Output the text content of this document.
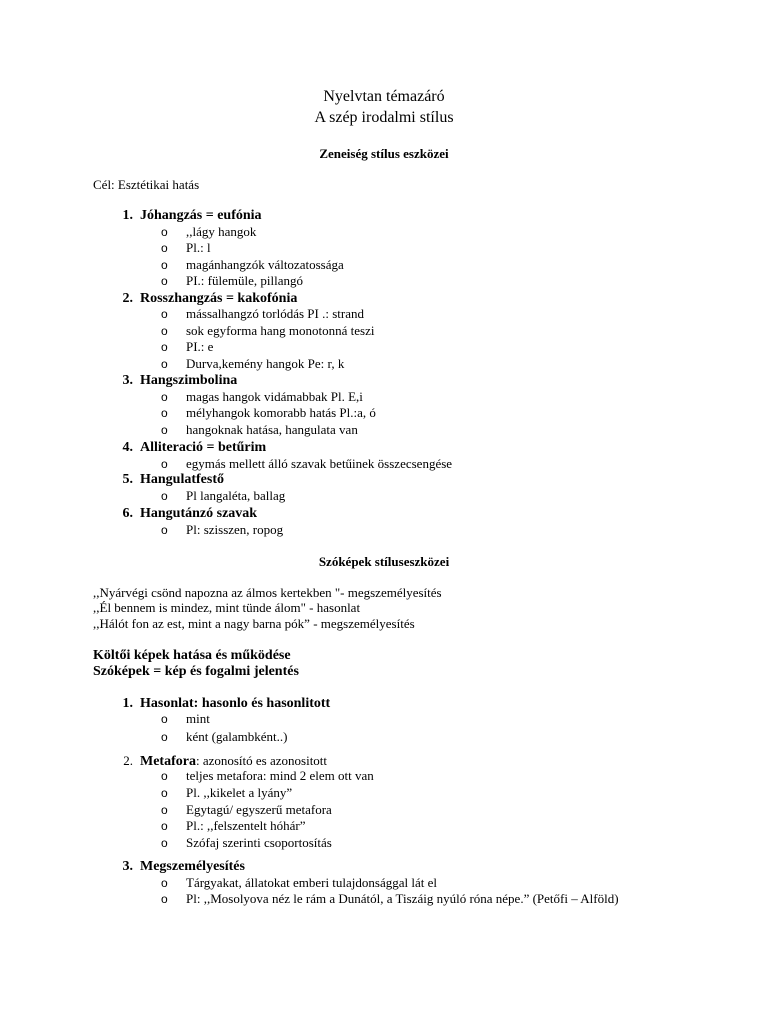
Nyelvtan témazáró
A szép irodalmi stílus
Zeneiség stílus eszközei
Cél: Esztétikai hatás
1. Jóhangzás = eufónia
o ,,lágy hangok
o Pl.: l
o magánhangzók változatossága
o PI.: fülemüle, pillangó
2. Rosszhangzás = kakofónia
o mássalhangzó torlódás PI .: strand
o sok egyforma hang monotonná teszi
o PI.: e
o Durva,kemény hangok Pe: r, k
3. Hangszimbolina
o magas hangok vidámabbak Pl. E,i
o mélyhangok komorabb hatás Pl.:a, ó
o hangoknak hatása, hangulata van
4. Alliteració = betűrim
o egymás mellett álló szavak betűinek összecsengése
5. Hangulatfestő
o Pl langaléta, ballag
6. Hangutánzó szavak
o Pl: szisszen, ropog
Szóképek stíluseszközei
,,Nyárvégi csönd napozna az álmos kertekben "- megszemélyesítés
,,Él bennem is mindez, mint tünde álom" - hasonlat
,,Hálót fon az est, mint a nagy barna pók” - megszemélyesítés
Költői képek hatása és működése
Szóképek = kép és fogalmi jelentés
1. Hasonlat: hasonlo és hasonlitott
o mint
o ként (galambként..)
2. Metafora: azonosító es azonositott
o teljes metafora: mind 2 elem ott van
o Pl. ,,kikelet a lyány”
o Egytagú/ egyszerű metafora
o Pl.: ,,felszentelt hóhár”
o Szófaj szerinti csoportosítás
3. Megszemélyesítés
o Tárgyakat, állatokat emberi tulajdonsággal lát el
o Pl: ,,Mosolyova néz le rám a Dunától, a Tiszáig nyúló róna népe.” (Petőfi – Alföld)
